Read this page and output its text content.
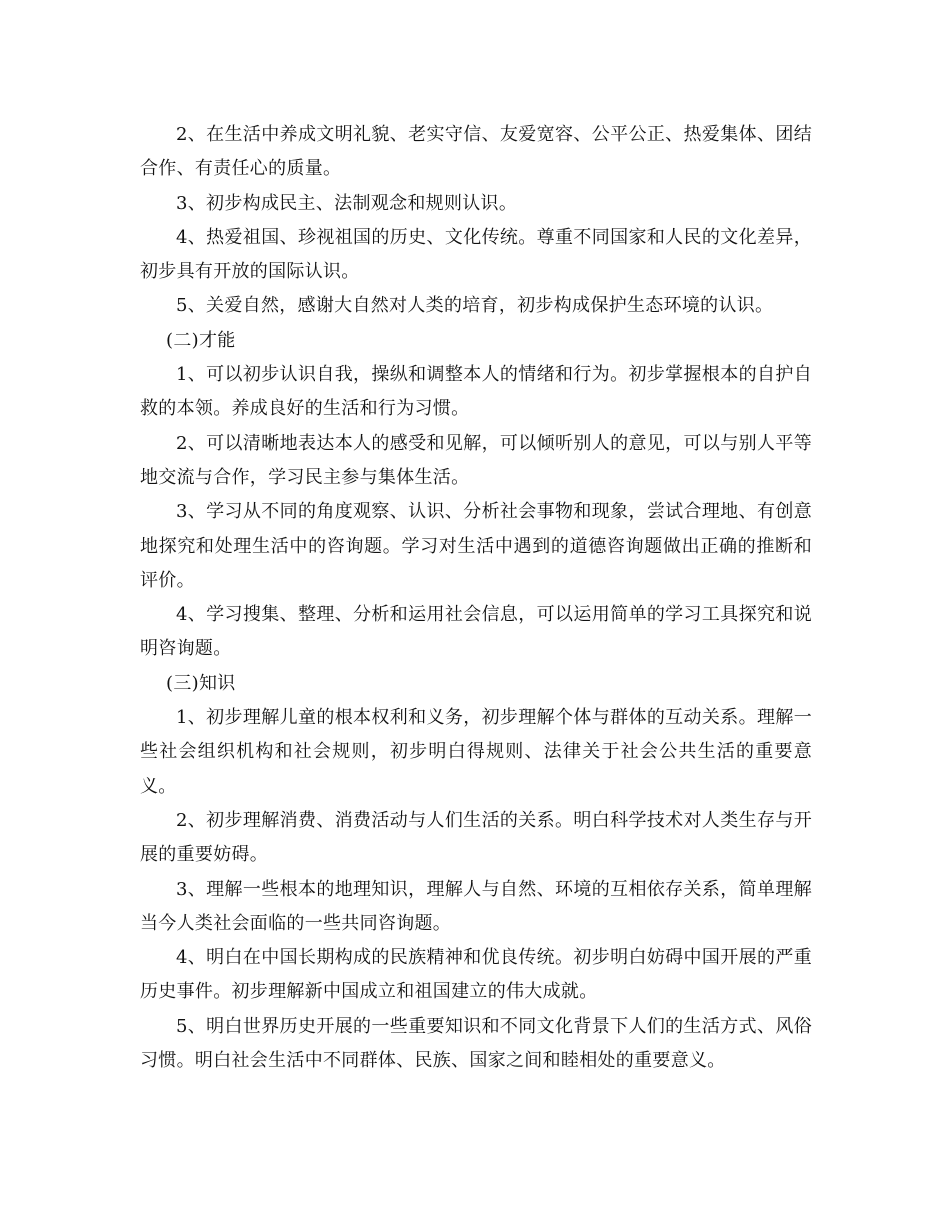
2、在生活中养成文明礼貌、老实守信、友爱宽容、公平公正、热爱集体、团结合作、有责任心的质量。

3、初步构成民主、法制观念和规则认识。

4、热爱祖国、珍视祖国的历史、文化传统。尊重不同国家和人民的文化差异，初步具有开放的国际认识。

5、关爱自然，感谢大自然对人类的培育，初步构成保护生态环境的认识。

(二)才能

1、可以初步认识自我，操纵和调整本人的情绪和行为。初步掌握根本的自护自救的本领。养成良好的生活和行为习惯。

2、可以清晰地表达本人的感受和见解，可以倾听别人的意见，可以与别人平等地交流与合作，学习民主参与集体生活。

3、学习从不同的角度观察、认识、分析社会事物和现象，尝试合理地、有创意地探究和处理生活中的咨询题。学习对生活中遇到的道德咨询题做出正确的推断和评价。

4、学习搜集、整理、分析和运用社会信息，可以运用简单的学习工具探究和说明咨询题。

(三)知识

1、初步理解儿童的根本权利和义务，初步理解个体与群体的互动关系。理解一些社会组织机构和社会规则，初步明白得规则、法律关于社会公共生活的重要意义。

2、初步理解消费、消费活动与人们生活的关系。明白科学技术对人类生存与开展的重要妨碍。

3、理解一些根本的地理知识，理解人与自然、环境的互相依存关系，简单理解当今人类社会面临的一些共同咨询题。

4、明白在中国长期构成的民族精神和优良传统。初步明白妨碍中国开展的严重历史事件。初步理解新中国成立和祖国建立的伟大成就。

5、明白世界历史开展的一些重要知识和不同文化背景下人们的生活方式、风俗习惯。明白社会生活中不同群体、民族、国家之间和睦相处的重要意义。
